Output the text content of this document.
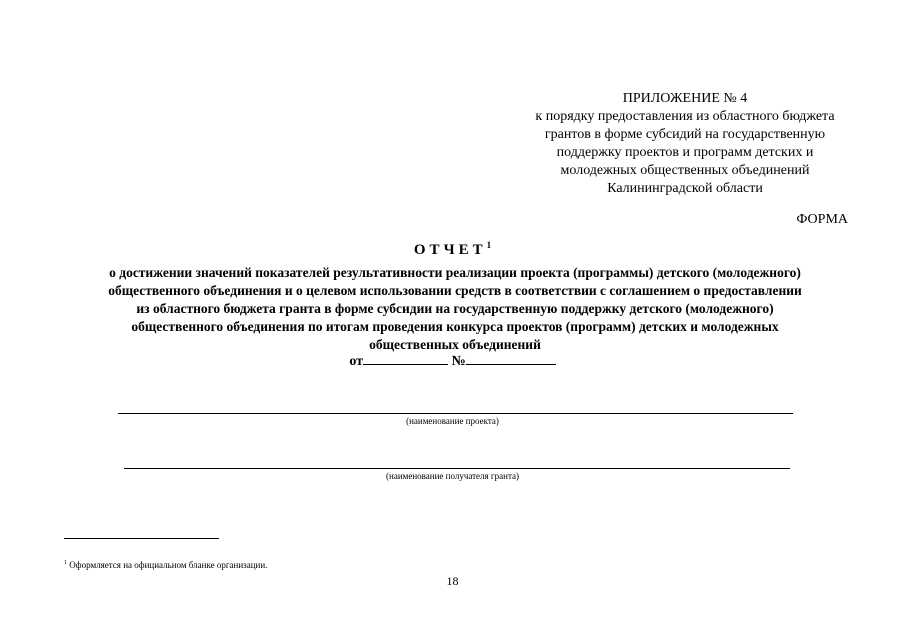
ПРИЛОЖЕНИЕ № 4
к порядку предоставления из областного бюджета
грантов в форме субсидий на государственную
поддержку проектов и программ детских и
молодежных общественных объединений
Калининградской области
ФОРМА
ОТЧЕТ$^1$
о достижении значений показателей результативности реализации проекта (программы) детского (молодежного)
общественного объединения и о целевом использовании средств в соответствии с соглашением о предоставлении
из областного бюджета гранта в форме субсидии на государственную поддержку детского (молодежного)
общественного объединения по итогам проведения конкурса проектов (программ) детских и молодежных
общественных объединений
от	№
(наименование проекта)
(наименование получателя гранта)
$^1$ Оформляется на официальном бланке организации.
18
